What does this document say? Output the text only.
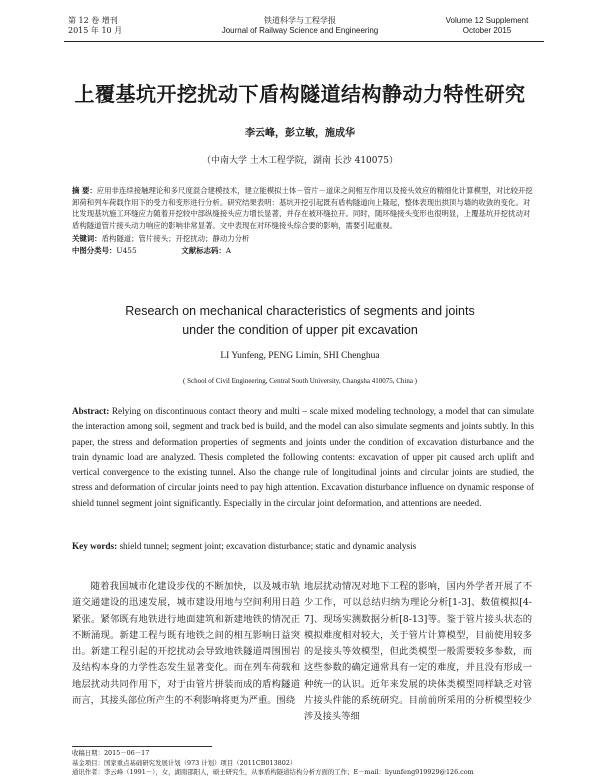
第 12 卷 增刊
2015 年 10 月
铁道科学与工程学报
Journal of Railway Science and Engineering
Volume 12 Supplement
October 2015
上覆基坑开挖扰动下盾构隧道结构静动力特性研究
李云峰，彭立敏，施成华
（中南大学 土木工程学院，湖南 长沙 410075）
摘 要：应用非连续接触理论和多尺度混合建模技术，建立能模拟土体－管片－道床之间相互作用以及接头效应的精细化计算模型，对比较开挖卸荷和列车荷载作用下的受力和变形进行分析。研究结果表明：基坑开挖引起既有盾构隧道向上隆起，整体表现出拱顶与墙的收敛的变化。对比发现基坑施工环缝应力随着开挖较中部纵缝接头应力增长显著，并存在被环缝拉开。同时，随环缝接头变形也很明显，上覆基坑开挖扰动对盾构隧道管片接头动力响应的影响非常显著。文中表现在对环缝接头综合要的影响，需要引起重视。
关键词：盾构隧道；管片接头；开挖扰动；静动力分析
中图分类号：U455	文献标志码：A
Research on mechanical characteristics of segments and joints
under the condition of upper pit excavation
LI Yunfeng, PENG Limin, SHI Chenghua
( School of Civil Engineering, Central South University, Changsha 410075, China )
Abstract: Relying on discontinuous contact theory and multi – scale mixed modeling technology, a model that can simulate the interaction among soil, segment and track bed is build, and the model can also simulate segments and joints subtly. In this paper, the stress and deformation properties of segments and joints under the condition of excavation disturbance and the train dynamic load are analyzed. Thesis completed the following contents: excavation of upper pit caused arch uplift and vertical convergence to the existing tunnel. Also the change rule of longitudinal joints and circular joints are studied, the stress and deformation of circular joints need to pay high attention. Excavation disturbance influence on dynamic response of shield tunnel segment joint significantly. Especially in the circular joint deformation, and attentions are needed.
Key words: shield tunnel; segment joint; excavation disturbance; static and dynamic analysis

随着我国城市化建设步伐的不断加快，以及城市轨道交通建设的迅速发展，城市建设用地与空间利用日趋紧张。紧邻既有地铁进行地面建筑和新建地铁的情况正不断涌现。新建工程与既有地铁之间的相互影响日益突出。新建工程引起的开挖扰动会导致地铁隧道周围围岩及结构本身的力学性态发生显著变化。而在列车荷载和地层扰动共同作用下，对于由管片拼装而成的盾构隧道而言，其接头部位所产生的不利影响将更为严重。围绕

地层扰动情况对地下工程的影响，国内外学者开展了不少工作，可以总结归纳为理论分析[1-3]、数值模拟[4-7]、现场实测数据分析[8-13]等。鉴于管片接头状态的模拟难度相对较大，关于管片计算模型，目前使用较多的是接头等效模型，但此类模型一般需要较多参数，而这些参数的确定通常具有一定的难度，并且没有形成一种统一的认识。近年来发展的块体类模型同样缺乏对管片接头件能的系统研究。目前前所采用的分析模型较少涉及接头等细

收稿日期：2015－06－17
基金项目：国家重点基础研究发展计划（973 计划）项目（2011CB013802）
通讯作者：李云峰（1991－），女，湖南邵阳人，硕士研究生，从事盾构隧道结构分析方面的工作；E－mail：liyunfeng919929@126.com
